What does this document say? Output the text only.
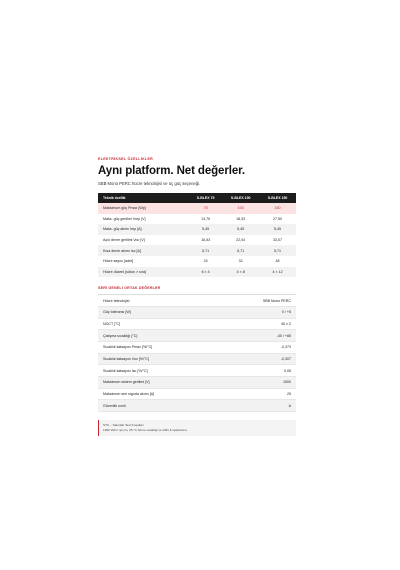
ELEKTRİKSEL ÖZELLİKLER
Aynı platform. Net değerler.
SBB Mono PERC hücre teknolojisi ve üç güç seçeneği.
Teknik özellik	S-BLEX 75	S-BLEX 100	S-BLEX 150
Maksimum güç Pmax [Wp]	75	100	150
Maks. güç gerilimi Vmp [V]	13,75	18,33	27,50
Maks. güç akımı Imp [A]	5,45	5,45	5,45
Açık devre gerilimi Voc [V]	16,53	22,04	33,07
Kısa devre akımı Isc [A]	5,71	5,71	5,71
Hücre sayısı [adet]	24	32	48
Hücre düzeni [sütun × sıra]	6 × 4	4 × 8	4 × 12
SERİ GENELİ ORTAK DEĞERLER
Hücre teknolojisi	SBB Mono PERC
Güç toleransı [W]	0 / +5
NOCT [°C]	45 ± 2
Çalışma sıcaklığı [°C]	-40 / +85
Sıcaklık katsayısı Pmax [%/°C]	-0,373
Sıcaklık katsayısı Voc [%/°C]	-0,307
Sıcaklık katsayısı Isc [%/°C]	0,05
Maksimum sistem gerilimi [V]	1500
Maksimum seri sigorta akımı [A]	25
Güvenlik sınıfı	A
STC – Standart Test Koşulları
1000 W/m² ışınım, 25 °C hücre sıcaklığı ve AM1,5 spektrumu.
